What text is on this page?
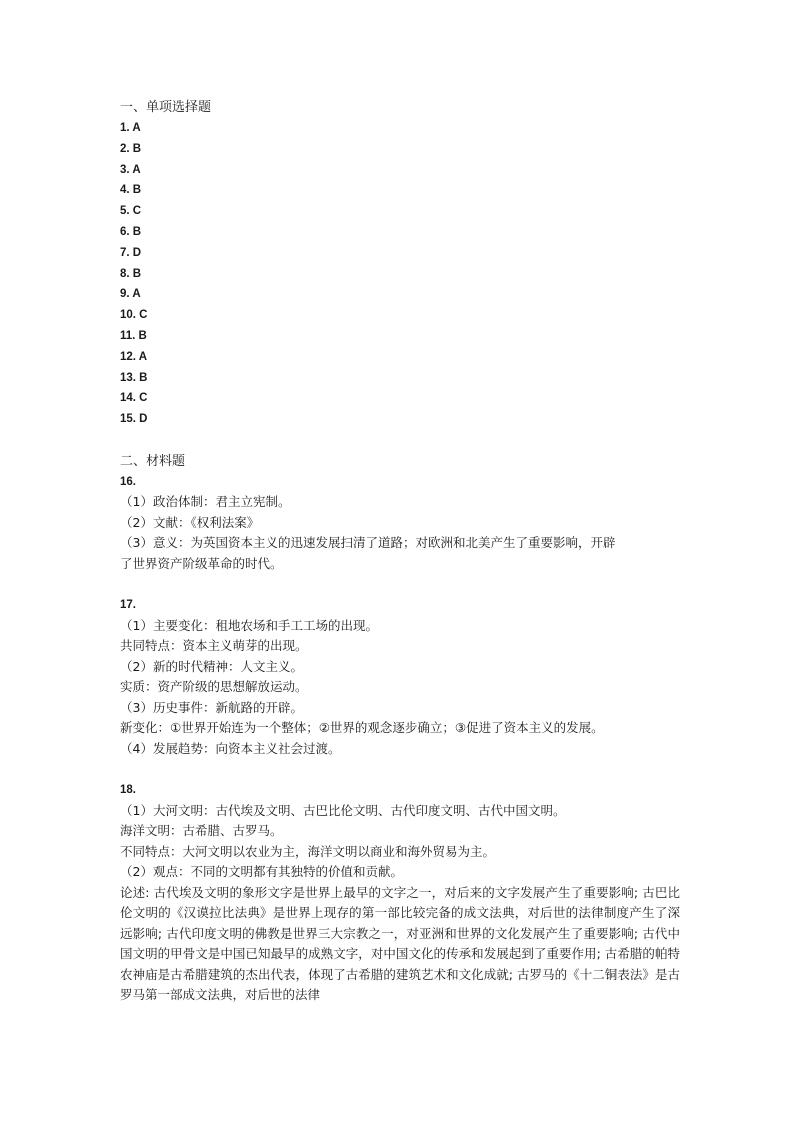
一、单项选择题
1. A
2. B
3. A
4. B
5. C
6. B
7. D
8. B
9. A
10. C
11. B
12. A
13. B
14. C
15. D
二、材料题
16.
（1）政治体制：君主立宪制。
（2）文献：《权利法案》
（3）意义：为英国资本主义的迅速发展扫清了道路；对欧洲和北美产生了重要影响，开辟
了世界资产阶级革命的时代。
17.
（1）主要变化：租地农场和手工工场的出现。
共同特点：资本主义萌芽的出现。
（2）新的时代精神：人文主义。
实质：资产阶级的思想解放运动。
（3）历史事件：新航路的开辟。
新变化：①世界开始连为一个整体；②世界的观念逐步确立；③促进了资本主义的发展。
（4）发展趋势：向资本主义社会过渡。
18.
（1）大河文明：古代埃及文明、古巴比伦文明、古代印度文明、古代中国文明。
海洋文明：古希腊、古罗马。
不同特点：大河文明以农业为主，海洋文明以商业和海外贸易为主。
（2）观点：不同的文明都有其独特的价值和贡献。
论述: 古代埃及文明的象形文字是世界上最早的文字之一，对后来的文字发展产生了重要影响; 古巴比伦文明的《汉谟拉比法典》是世界上现存的第一部比较完备的成文法典，对后世的法律制度产生了深远影响; 古代印度文明的佛教是世界三大宗教之一，对亚洲和世界的文化发展产生了重要影响; 古代中国文明的甲骨文是中国已知最早的成熟文字，对中国文化的传承和发展起到了重要作用; 古希腊的帕特农神庙是古希腊建筑的杰出代表，体现了古希腊的建筑艺术和文化成就; 古罗马的《十二铜表法》是古罗马第一部成文法典，对后世的法律
